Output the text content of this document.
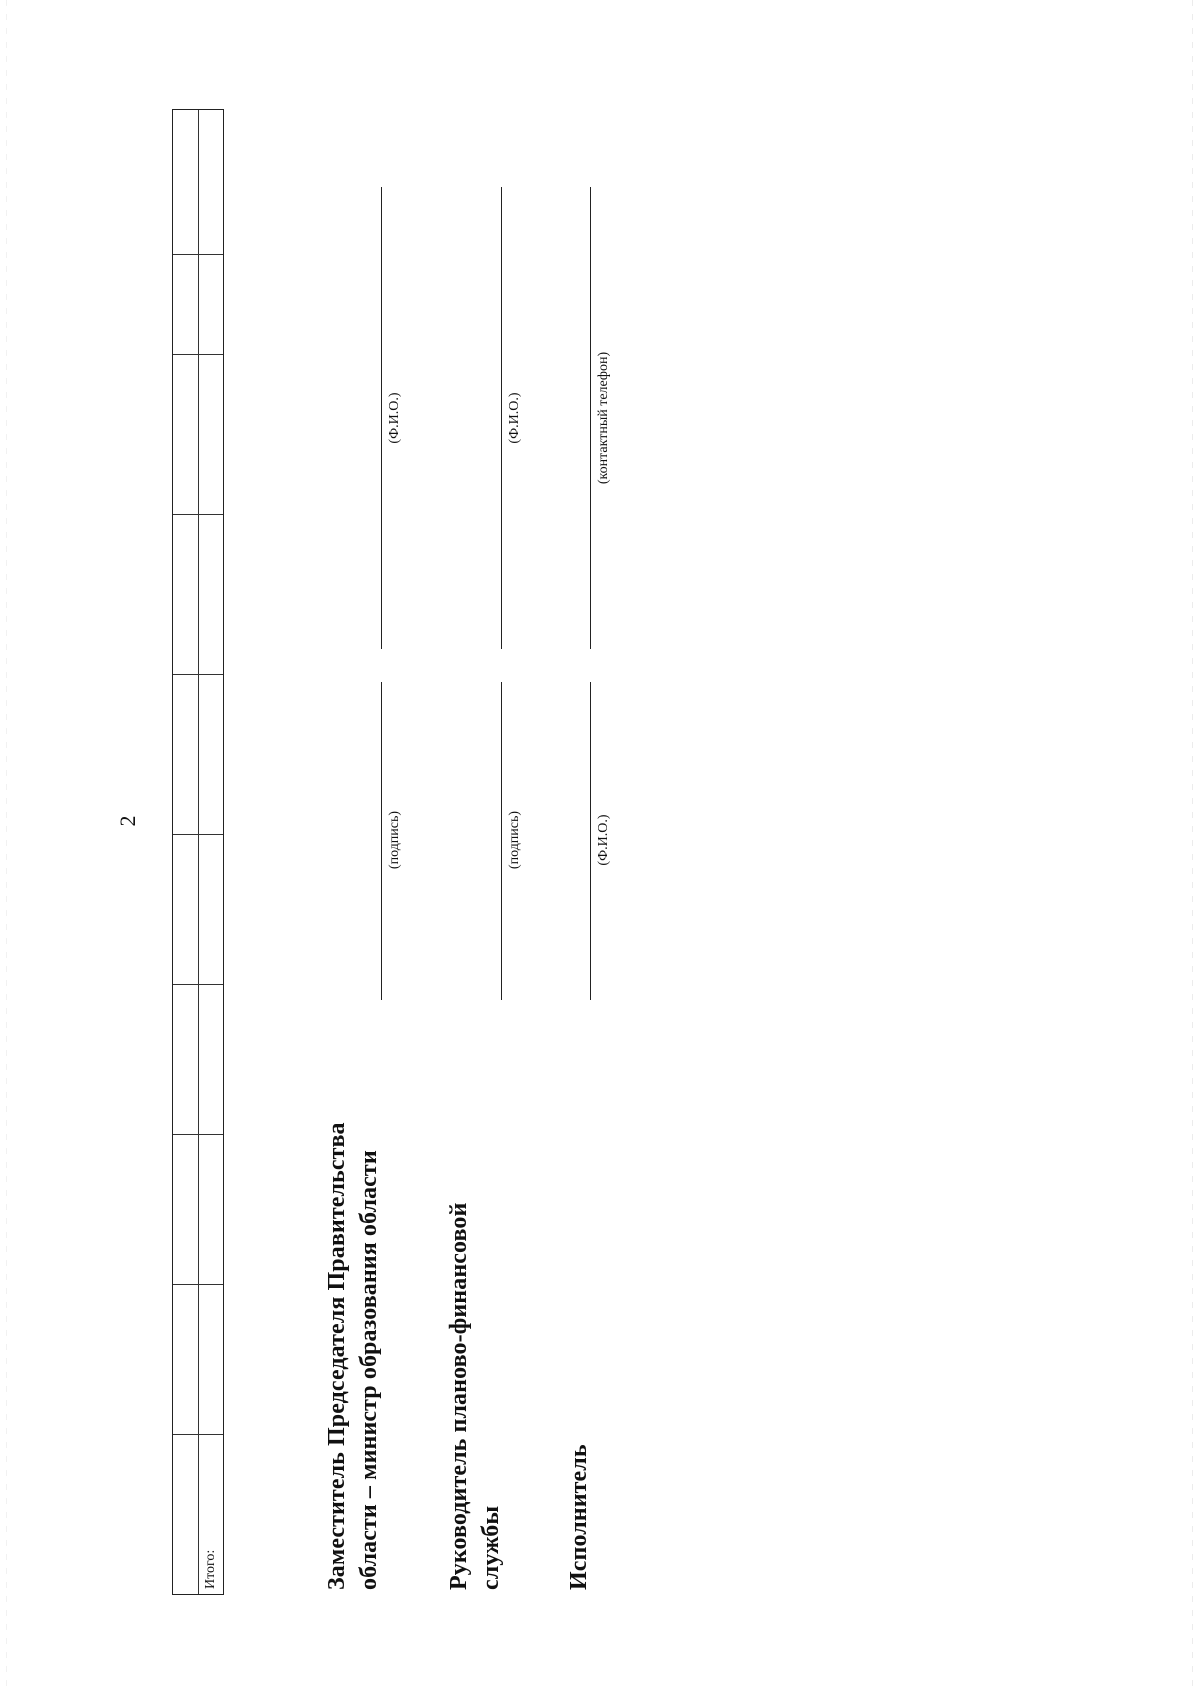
2
Итого:	Заместитель Председателя Правительства области – министр образования области
(подпись)
(Ф.И.О.)
Руководитель планово-финансовой службы
(подпись)
(Ф.И.О.)
Исполнитель
(Ф.И.О.)
(контактный телефон)
